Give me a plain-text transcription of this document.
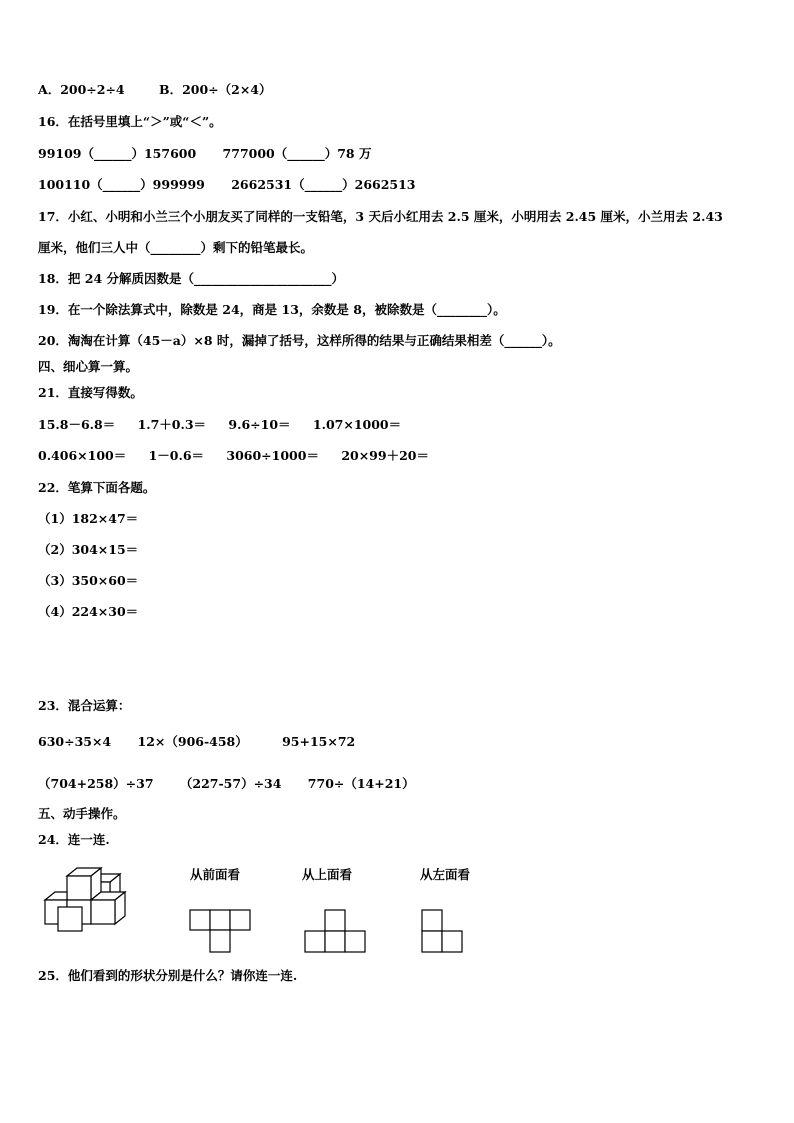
A．200÷2÷4	B．200÷（2×4）
16．在括号里填上“＞”或“＜”。
99109（______）157600 777000（______）78 万
100110（______）999999 2662531（______）2662513
17．小红、小明和小兰三个小朋友买了同样的一支铅笔，3 天后小红用去 2.5 厘米，小明用去 2.45 厘米，小兰用去 2.43
厘米，他们三人中（________）剩下的铅笔最长。
18．把 24 分解质因数是（______________________）
19．在一个除法算式中，除数是 24，商是 13，余数是 8，被除数是（________）。
20．淘淘在计算（45－a）×8 时，漏掉了括号，这样所得的结果与正确结果相差（______）。
四、细心算一算。
21．直接写得数。
15.8－6.8＝ 1.7＋0.3＝ 9.6÷10＝ 1.07×1000＝
0.406×100＝ 1－0.6＝ 3060÷1000＝ 20×99＋20＝
22．笔算下面各题。
（1）182×47＝
（2）304×15＝
（3）350×60＝
（4）224×30＝
23．混合运算：
630÷35×4 12×（906-458）	95+15×72
（704+258）÷37 （227-57）÷34 770÷（14+21）
五、动手操作。
24．连一连.
从前面看	从上面看	从左面看
25．他们看到的形状分别是什么？请你连一连.
